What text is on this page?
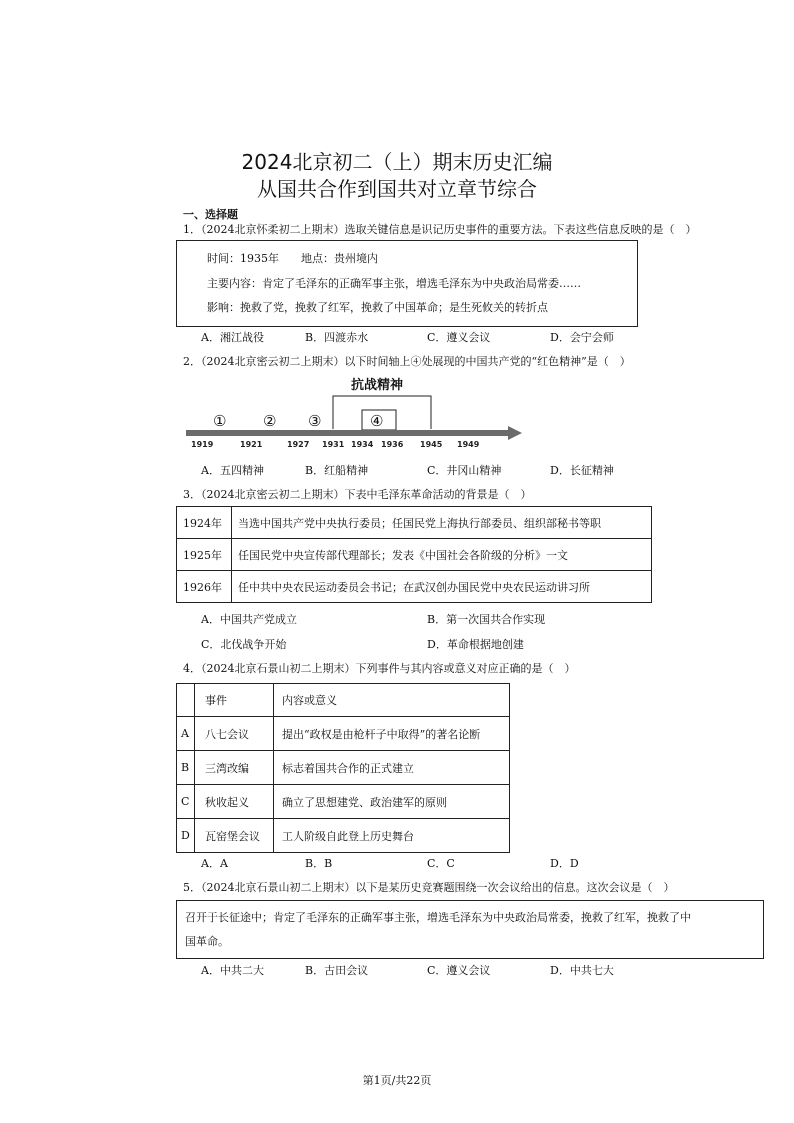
2024北京初二（上）期末历史汇编
从国共合作到国共对立章节综合
一、选择题
1．（2024北京怀柔初二上期末）选取关键信息是识记历史事件的重要方法。下表这些信息反映的是（　）
时间：1935年　　地点：贵州境内
主要内容：肯定了毛泽东的正确军事主张，增选毛泽东为中央政治局常委……
影响：挽救了党，挽救了红军，挽救了中国革命；是生死攸关的转折点
A．湘江战役	B．四渡赤水	C．遵义会议	D．会宁会师
2．（2024北京密云初二上期末）以下时间轴上④处展现的中国共产党的“红色精神”是（　）
抗战精神
① ② ③	④
1919	1921	1927 1931 1934 1936 1945 1949
A．五四精神	B．红船精神	C．井冈山精神	D．长征精神
3．（2024北京密云初二上期末）下表中毛泽东革命活动的背景是（　）
1924年	当选中国共产党中央执行委员；任国民党上海执行部委员、组织部秘书等职
1925年	任国民党中央宣传部代理部长；发表《中国社会各阶级的分析》一文
1926年	任中共中央农民运动委员会书记；在武汉创办国民党中央农民运动讲习所
A．中国共产党成立	B．第一次国共合作实现
C．北伐战争开始	D．革命根据地创建
4．（2024北京石景山初二上期末）下列事件与其内容或意义对应正确的是（　）
	事件	内容或意义
A	八七会议	提出“政权是由枪杆子中取得”的著名论断
B	三湾改编	标志着国共合作的正式建立
C	秋收起义	确立了思想建党、政治建军的原则
D	瓦窑堡会议	工人阶级自此登上历史舞台
A．A	B．B	C．C	D．D
5．（2024北京石景山初二上期末）以下是某历史竞赛题围绕一次会议给出的信息。这次会议是（　）
召开于长征途中；肯定了毛泽东的正确军事主张，增选毛泽东为中央政治局常委，挽救了红军，挽救了中
国革命。
A．中共二大	B．古田会议	C．遵义会议	D．中共七大
第1页/共22页
